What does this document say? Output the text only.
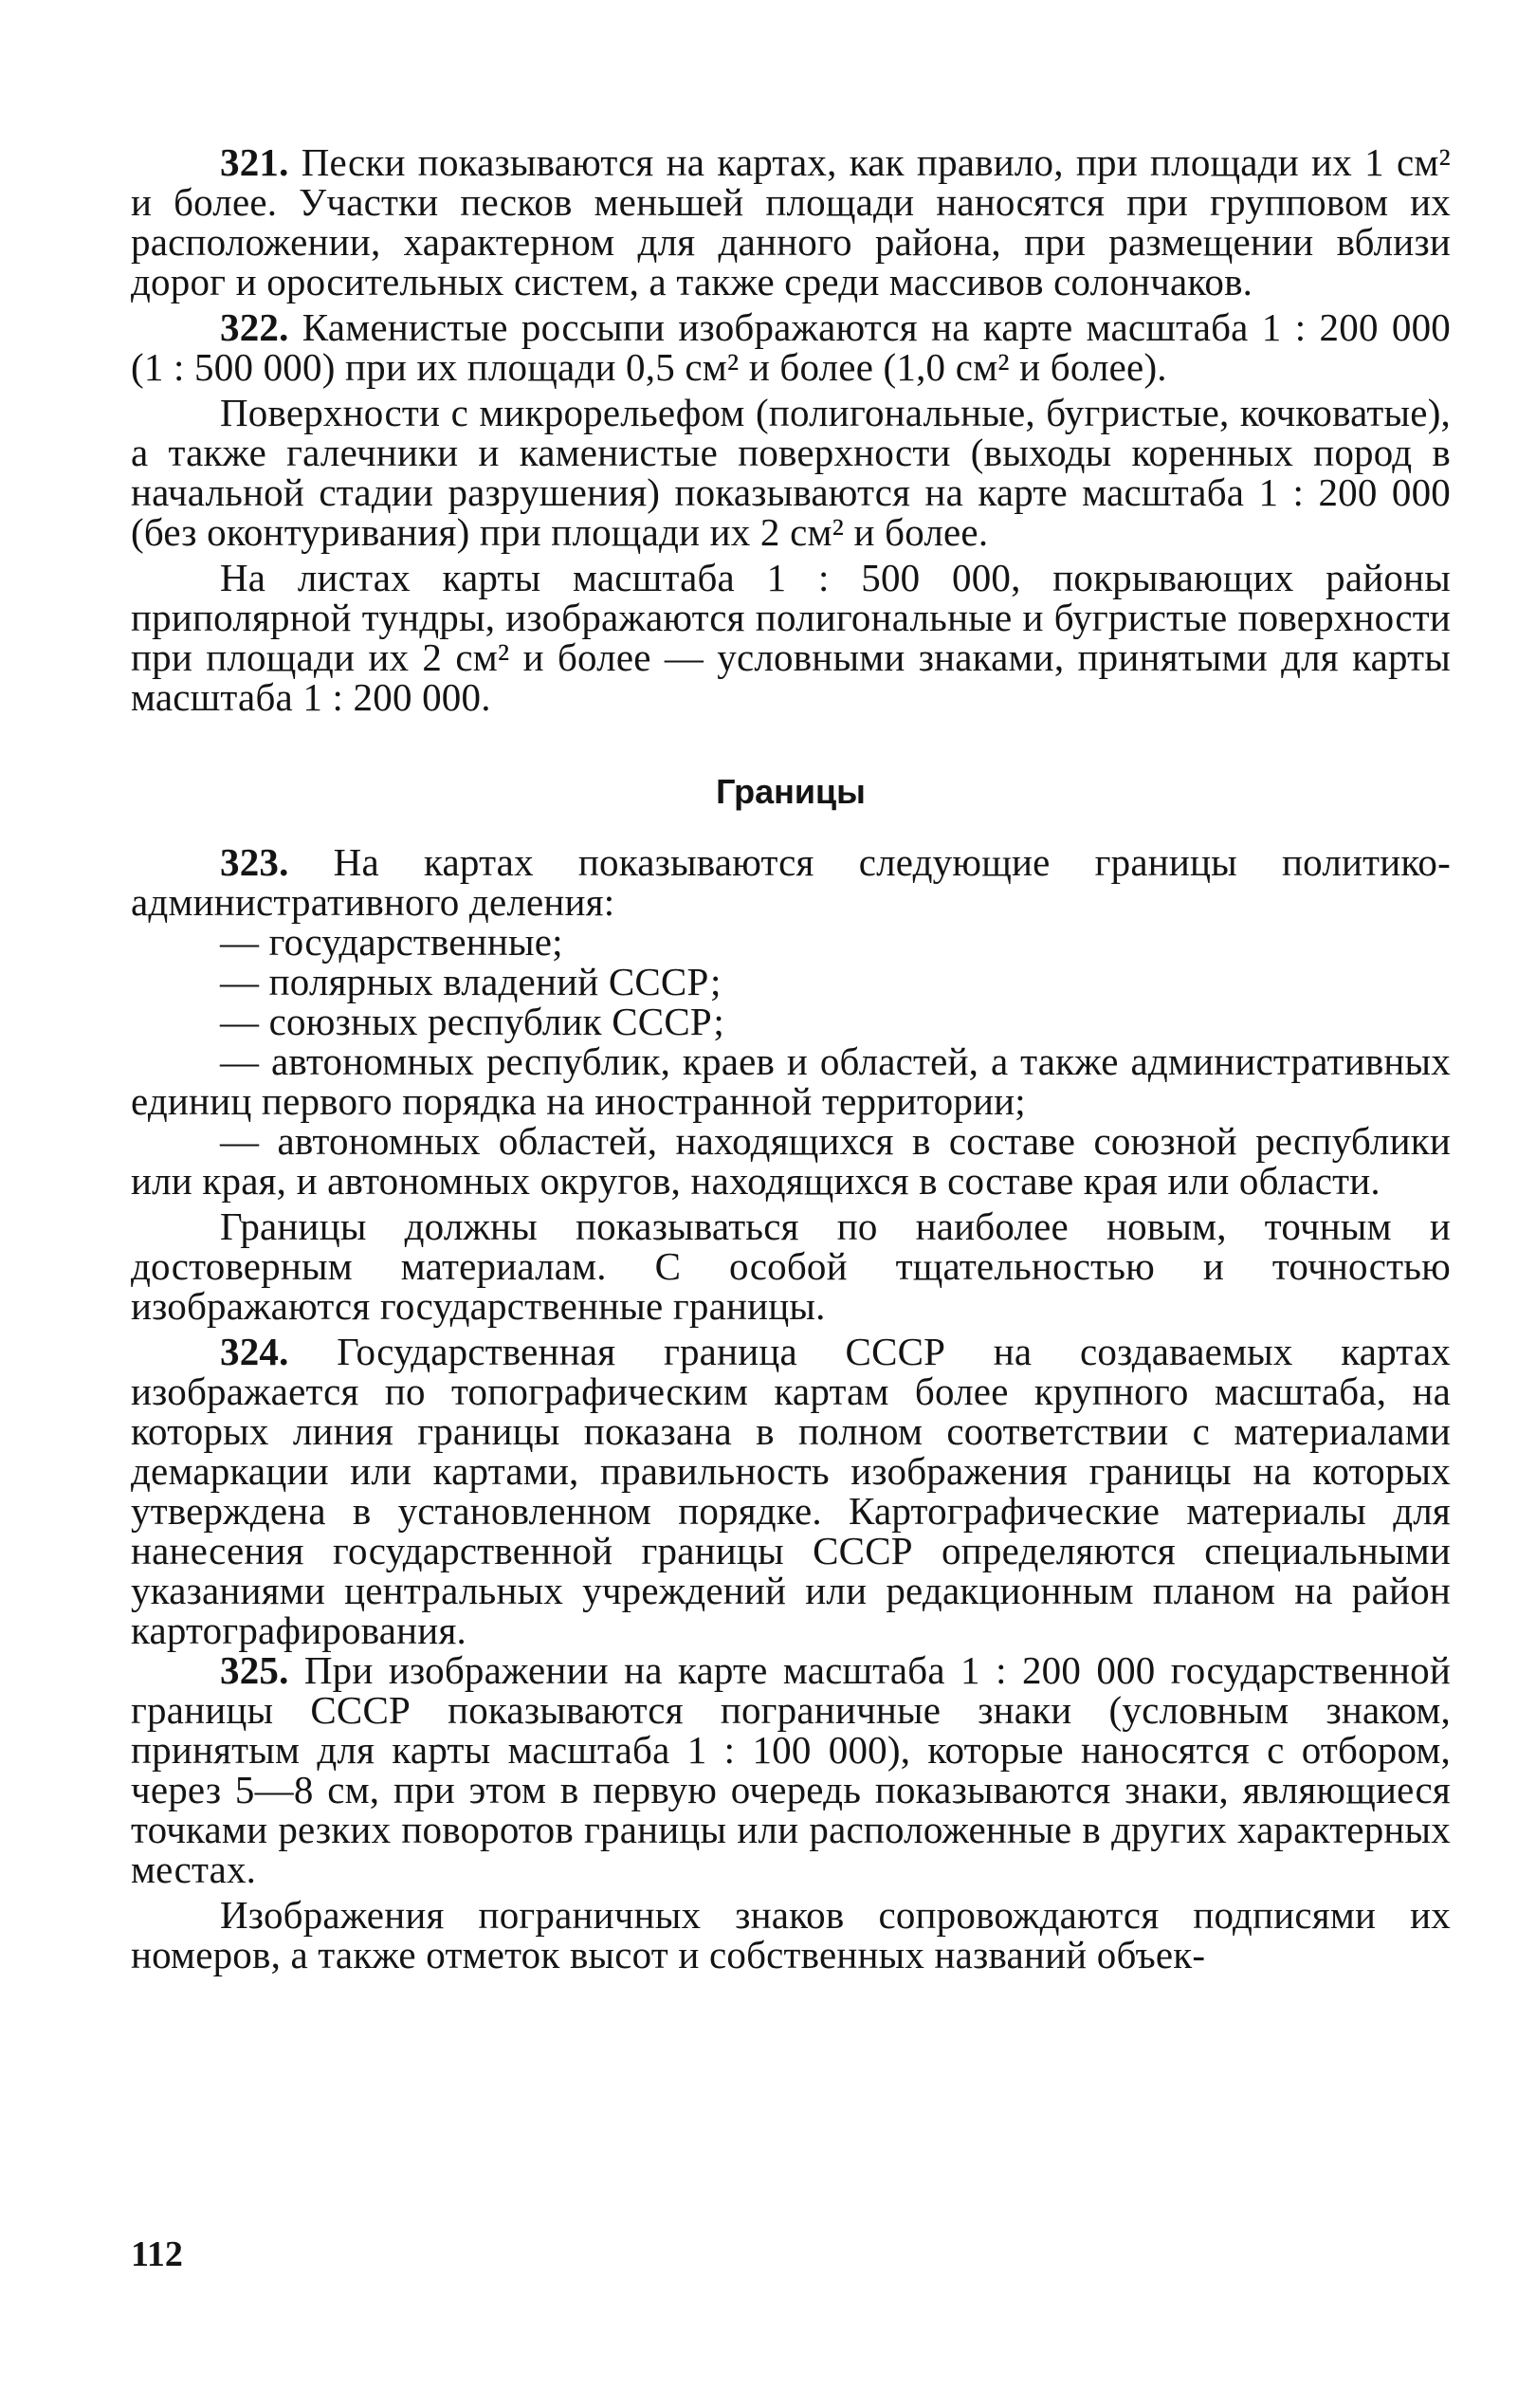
321. Пески показываются на картах, как правило, при площади их 1 см² и более. Участки песков меньшей площади наносятся при групповом их расположении, характерном для данного района, при размещении вблизи дорог и оросительных систем, а также среди массивов солончаков.

322. Каменистые россыпи изображаются на карте масштаба 1 : 200 000 (1 : 500 000) при их площади 0,5 см² и более (1,0 см² и более).

Поверхности с микрорельефом (полигональные, бугристые, кочковатые), а также галечники и каменистые поверхности (выходы коренных пород в начальной стадии разрушения) показываются на карте масштаба 1 : 200 000 (без оконтуривания) при площади их 2 см² и более.

На листах карты масштаба 1 : 500 000, покрывающих районы приполярной тундры, изображаются полигональные и бугристые поверхности при площади их 2 см² и более — условными знаками, принятыми для карты масштаба 1 : 200 000.

Границы

323. На картах показываются следующие границы политико-административного деления:

— государственные;

— полярных владений СССР;

— союзных республик СССР;

— автономных республик, краев и областей, а также административных единиц первого порядка на иностранной территории;

— автономных областей, находящихся в составе союзной республики или края, и автономных округов, находящихся в составе края или области.

Границы должны показываться по наиболее новым, точным и достоверным материалам. С особой тщательностью и точностью изображаются государственные границы.

324. Государственная граница СССР на создаваемых картах изображается по топографическим картам более крупного масштаба, на которых линия границы показана в полном соответствии с материалами демаркации или картами, правильность изображения границы на которых утверждена в установленном порядке. Картографические материалы для нанесения государственной границы СССР определяются специальными указаниями центральных учреждений или редакционным планом на район картографирования.

325. При изображении на карте масштаба 1 : 200 000 государственной границы СССР показываются пограничные знаки (условным знаком, принятым для карты масштаба 1 : 100 000), которые наносятся с отбором, через 5—8 см, при этом в первую очередь показываются знаки, являющиеся точками резких поворотов границы или расположенные в других характерных местах.

Изображения пограничных знаков сопровождаются подписями их номеров, а также отметок высот и собственных названий объек-

112
